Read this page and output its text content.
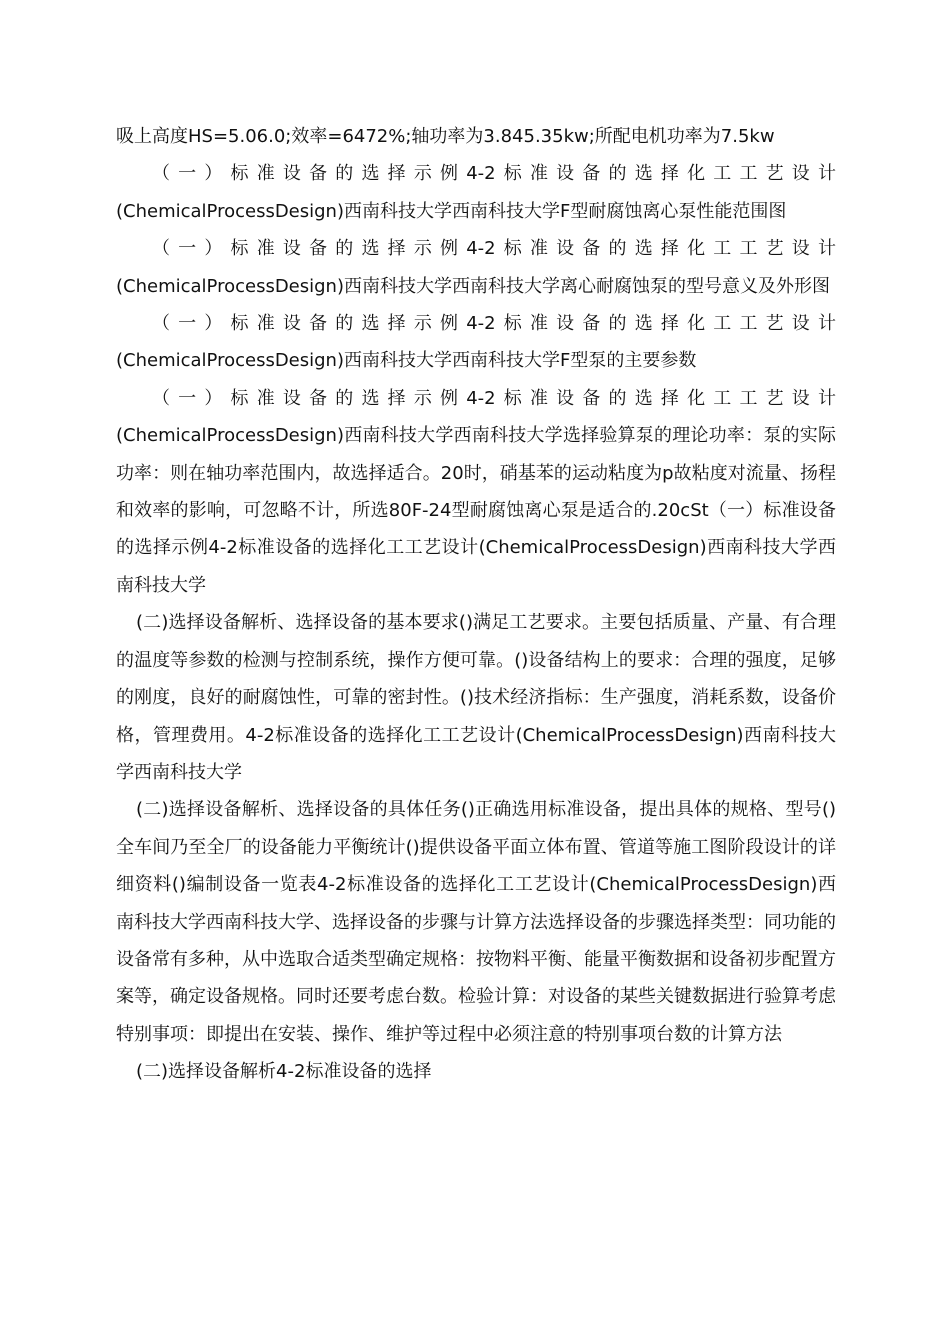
吸上高度HS=5.06.0;效率=6472%;轴功率为3.845.35kw;所配电机功率为7.5kw

（一）标准设备的选择示例4-2标准设备的选择化工工艺设计(ChemicalProcessDesign)西南科技大学西南科技大学F型耐腐蚀离心泵性能范围图

（一）标准设备的选择示例4-2标准设备的选择化工工艺设计(ChemicalProcessDesign)西南科技大学西南科技大学离心耐腐蚀泵的型号意义及外形图

（一）标准设备的选择示例4-2标准设备的选择化工工艺设计(ChemicalProcessDesign)西南科技大学西南科技大学F型泵的主要参数

（一）标准设备的选择示例4-2标准设备的选择化工工艺设计(ChemicalProcessDesign)西南科技大学西南科技大学选择验算泵的理论功率：泵的实际功率：则在轴功率范围内，故选择适合。20时，硝基苯的运动粘度为p故粘度对流量、扬程和效率的影响，可忽略不计，所选80F-24型耐腐蚀离心泵是适合的.20cSt（一）标准设备的选择示例4-2标准设备的选择化工工艺设计(ChemicalProcessDesign)西南科技大学西南科技大学

(二)选择设备解析、选择设备的基本要求()满足工艺要求。主要包括质量、产量、有合理的温度等参数的检测与控制系统，操作方便可靠。()设备结构上的要求：合理的强度，足够的刚度，良好的耐腐蚀性，可靠的密封性。()技术经济指标：生产强度，消耗系数，设备价格，管理费用。4-2标准设备的选择化工工艺设计(ChemicalProcessDesign)西南科技大学西南科技大学

(二)选择设备解析、选择设备的具体任务()正确选用标准设备，提出具体的规格、型号()全车间乃至全厂的设备能力平衡统计()提供设备平面立体布置、管道等施工图阶段设计的详细资料()编制设备一览表4-2标准设备的选择化工工艺设计(ChemicalProcessDesign)西南科技大学西南科技大学、选择设备的步骤与计算方法选择设备的步骤选择类型：同功能的设备常有多种，从中选取合适类型确定规格：按物料平衡、能量平衡数据和设备初步配置方案等，确定设备规格。同时还要考虑台数。检验计算：对设备的某些关键数据进行验算考虑特别事项：即提出在安装、操作、维护等过程中必须注意的特别事项台数的计算方法

(二)选择设备解析4-2标准设备的选择
